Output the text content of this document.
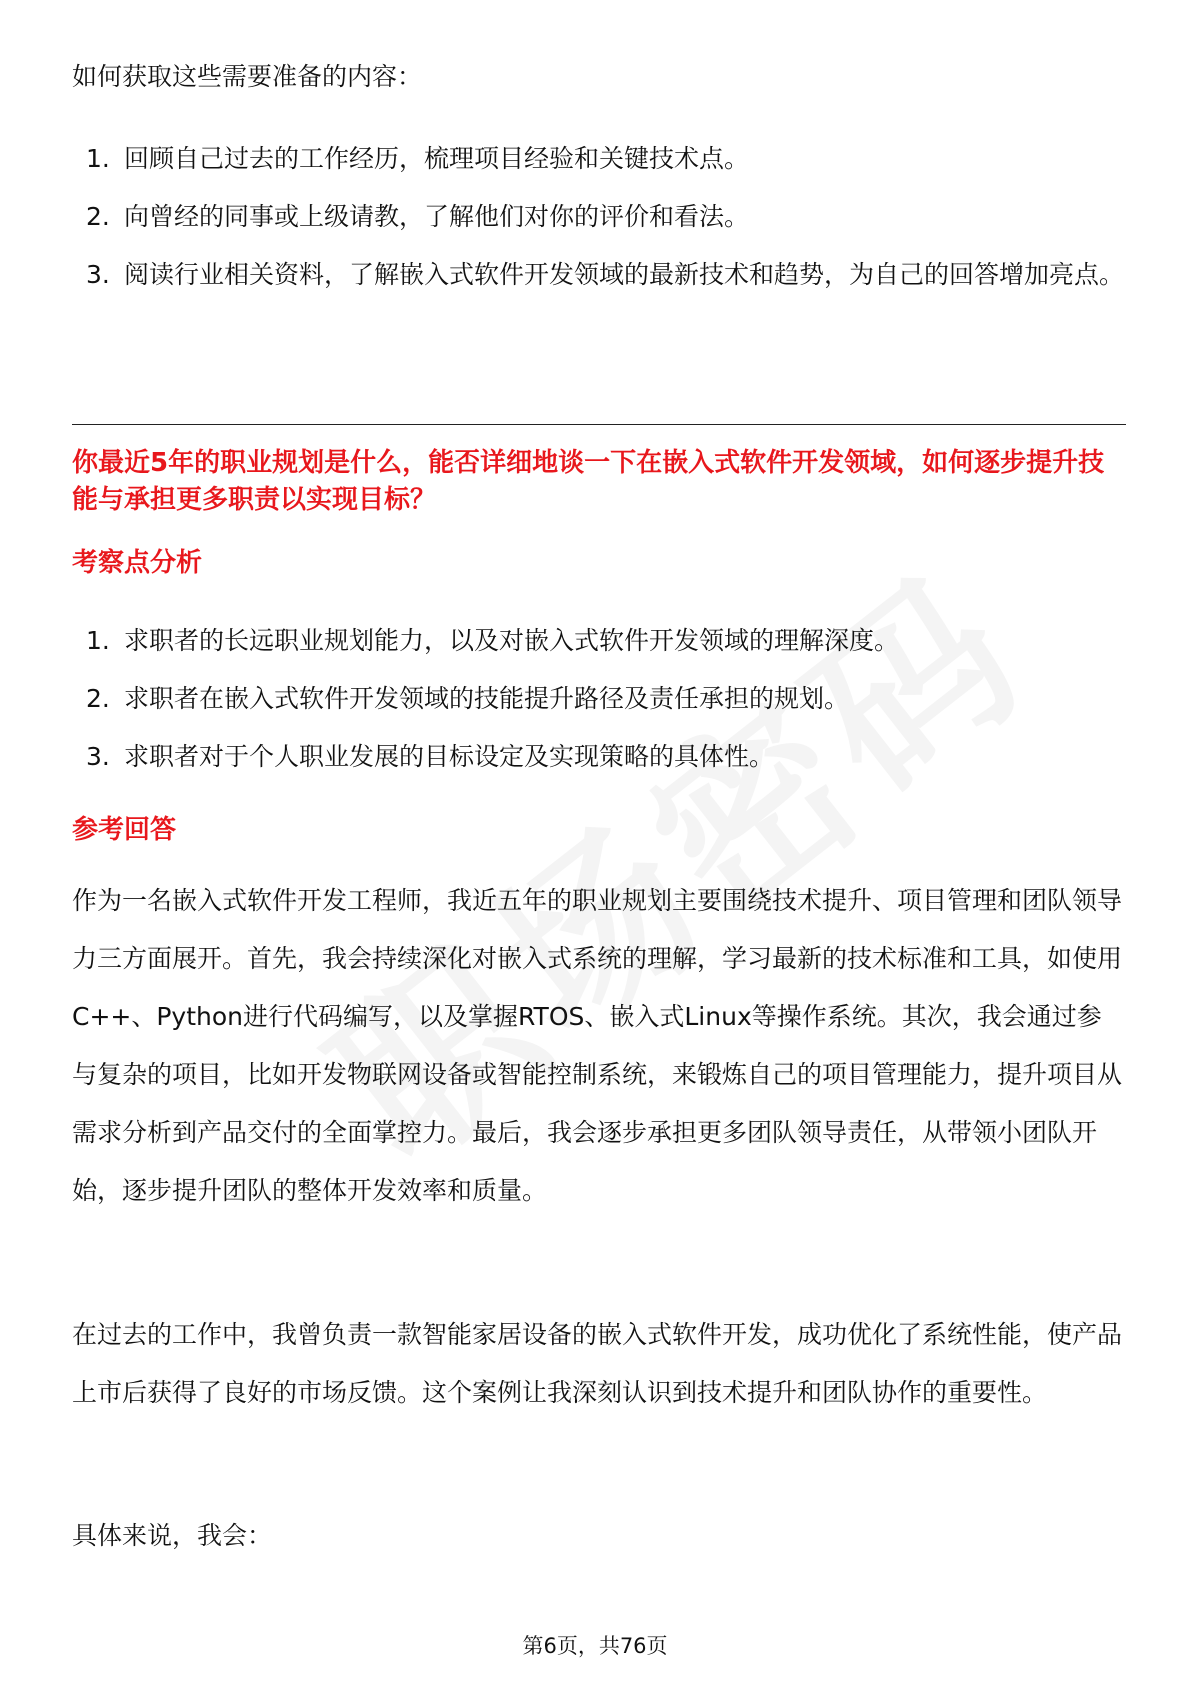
如何获取这些需要准备的内容：

1. 回顾自己过去的工作经历，梳理项目经验和关键技术点。
2. 向曾经的同事或上级请教，了解他们对你的评价和看法。
3. 阅读行业相关资料，了解嵌入式软件开发领域的最新技术和趋势，为自己的回答增加亮点。

你最近5年的职业规划是什么，能否详细地谈一下在嵌入式软件开发领域，如何逐步提升技能与承担更多职责以实现目标？

考察点分析

1. 求职者的长远职业规划能力，以及对嵌入式软件开发领域的理解深度。
2. 求职者在嵌入式软件开发领域的技能提升路径及责任承担的规划。
3. 求职者对于个人职业发展的目标设定及实现策略的具体性。

参考回答

作为一名嵌入式软件开发工程师，我近五年的职业规划主要围绕技术提升、项目管理和团队领导力三方面展开。首先，我会持续深化对嵌入式系统的理解，学习最新的技术标准和工具，如使用C++、Python进行代码编写，以及掌握RTOS、嵌入式Linux等操作系统。其次，我会通过参与复杂的项目，比如开发物联网设备或智能控制系统，来锻炼自己的项目管理能力，提升项目从需求分析到产品交付的全面掌控力。最后，我会逐步承担更多团队领导责任，从带领小团队开始，逐步提升团队的整体开发效率和质量。

在过去的工作中，我曾负责一款智能家居设备的嵌入式软件开发，成功优化了系统性能，使产品上市后获得了良好的市场反馈。这个案例让我深刻认识到技术提升和团队协作的重要性。

具体来说，我会：

第6页，共76页
